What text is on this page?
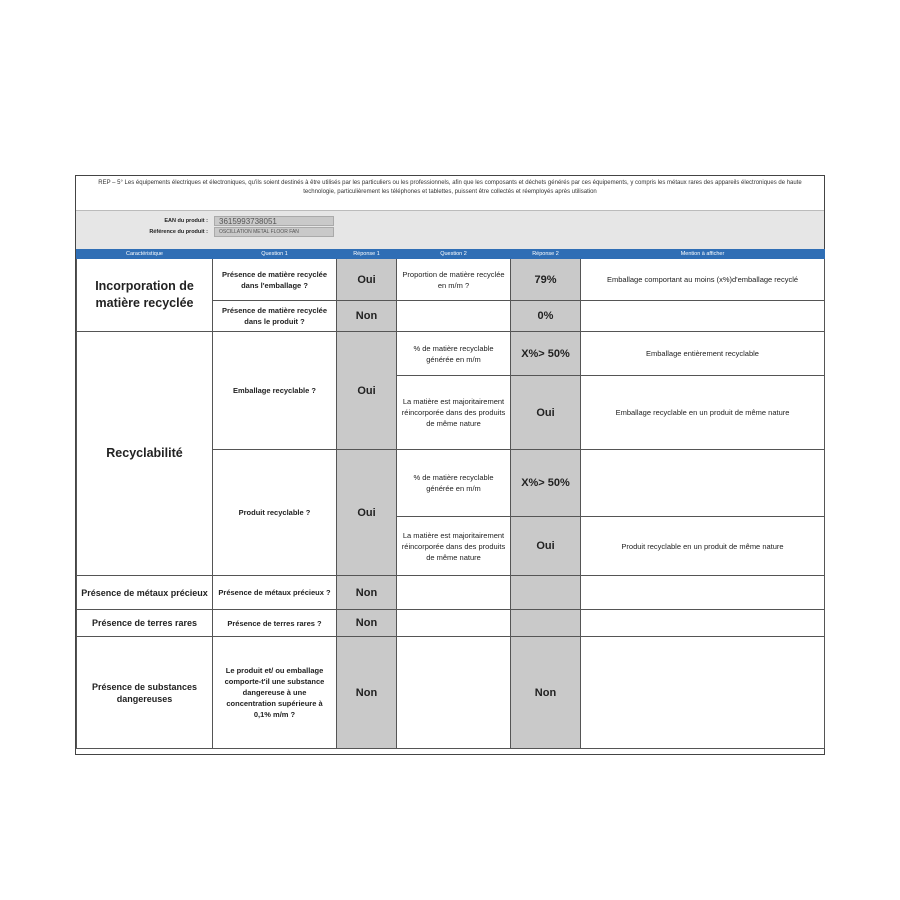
REP – 5° Les équipements électriques et électroniques, qu'ils soient destinés à être utilisés par les particuliers ou les professionnels, afin que les composants et déchets générés par ces équipements, y compris les métaux rares des appareils électroniques de haute technologie, particulièrement les téléphones et tablettes, puissent être collectés et réemployés après utilisation
EAN du produit :	3615993738051
Référence du produit :	OSCILLATION METAL FLOOR FAN
Caractéristique	Question 1	Réponse 1	Question 2	Réponse 2	Mention à afficher
Incorporation de matière recyclée	Présence de matière recyclée dans l'emballage ?	Oui	Proportion de matière recyclée en m/m ?	79%	Emballage comportant au moins (x%)d'emballage recyclé
	Présence de matière recyclée dans le produit ?	Non		0%	
Recyclabilité	Emballage recyclable ?	Oui	% de matière recyclable générée en m/m	X%> 50%	Emballage entièrement recyclable
			La matière est majoritairement réincorporée dans des produits de même nature	Oui	Emballage recyclable en un produit de même nature
	Produit recyclable ?	Oui	% de matière recyclable générée en m/m	X%> 50%	
			La matière est majoritairement réincorporée dans des produits de même nature	Oui	Produit recyclable en un produit de même nature
Présence de métaux précieux	Présence de métaux précieux ?	Non			
Présence de terres rares	Présence de terres rares ?	Non			
Présence de substances dangereuses	Le produit et/ ou emballage comporte-t'il une substance dangereuse à une concentration supérieure à 0,1% m/m ?	Non		Non	
